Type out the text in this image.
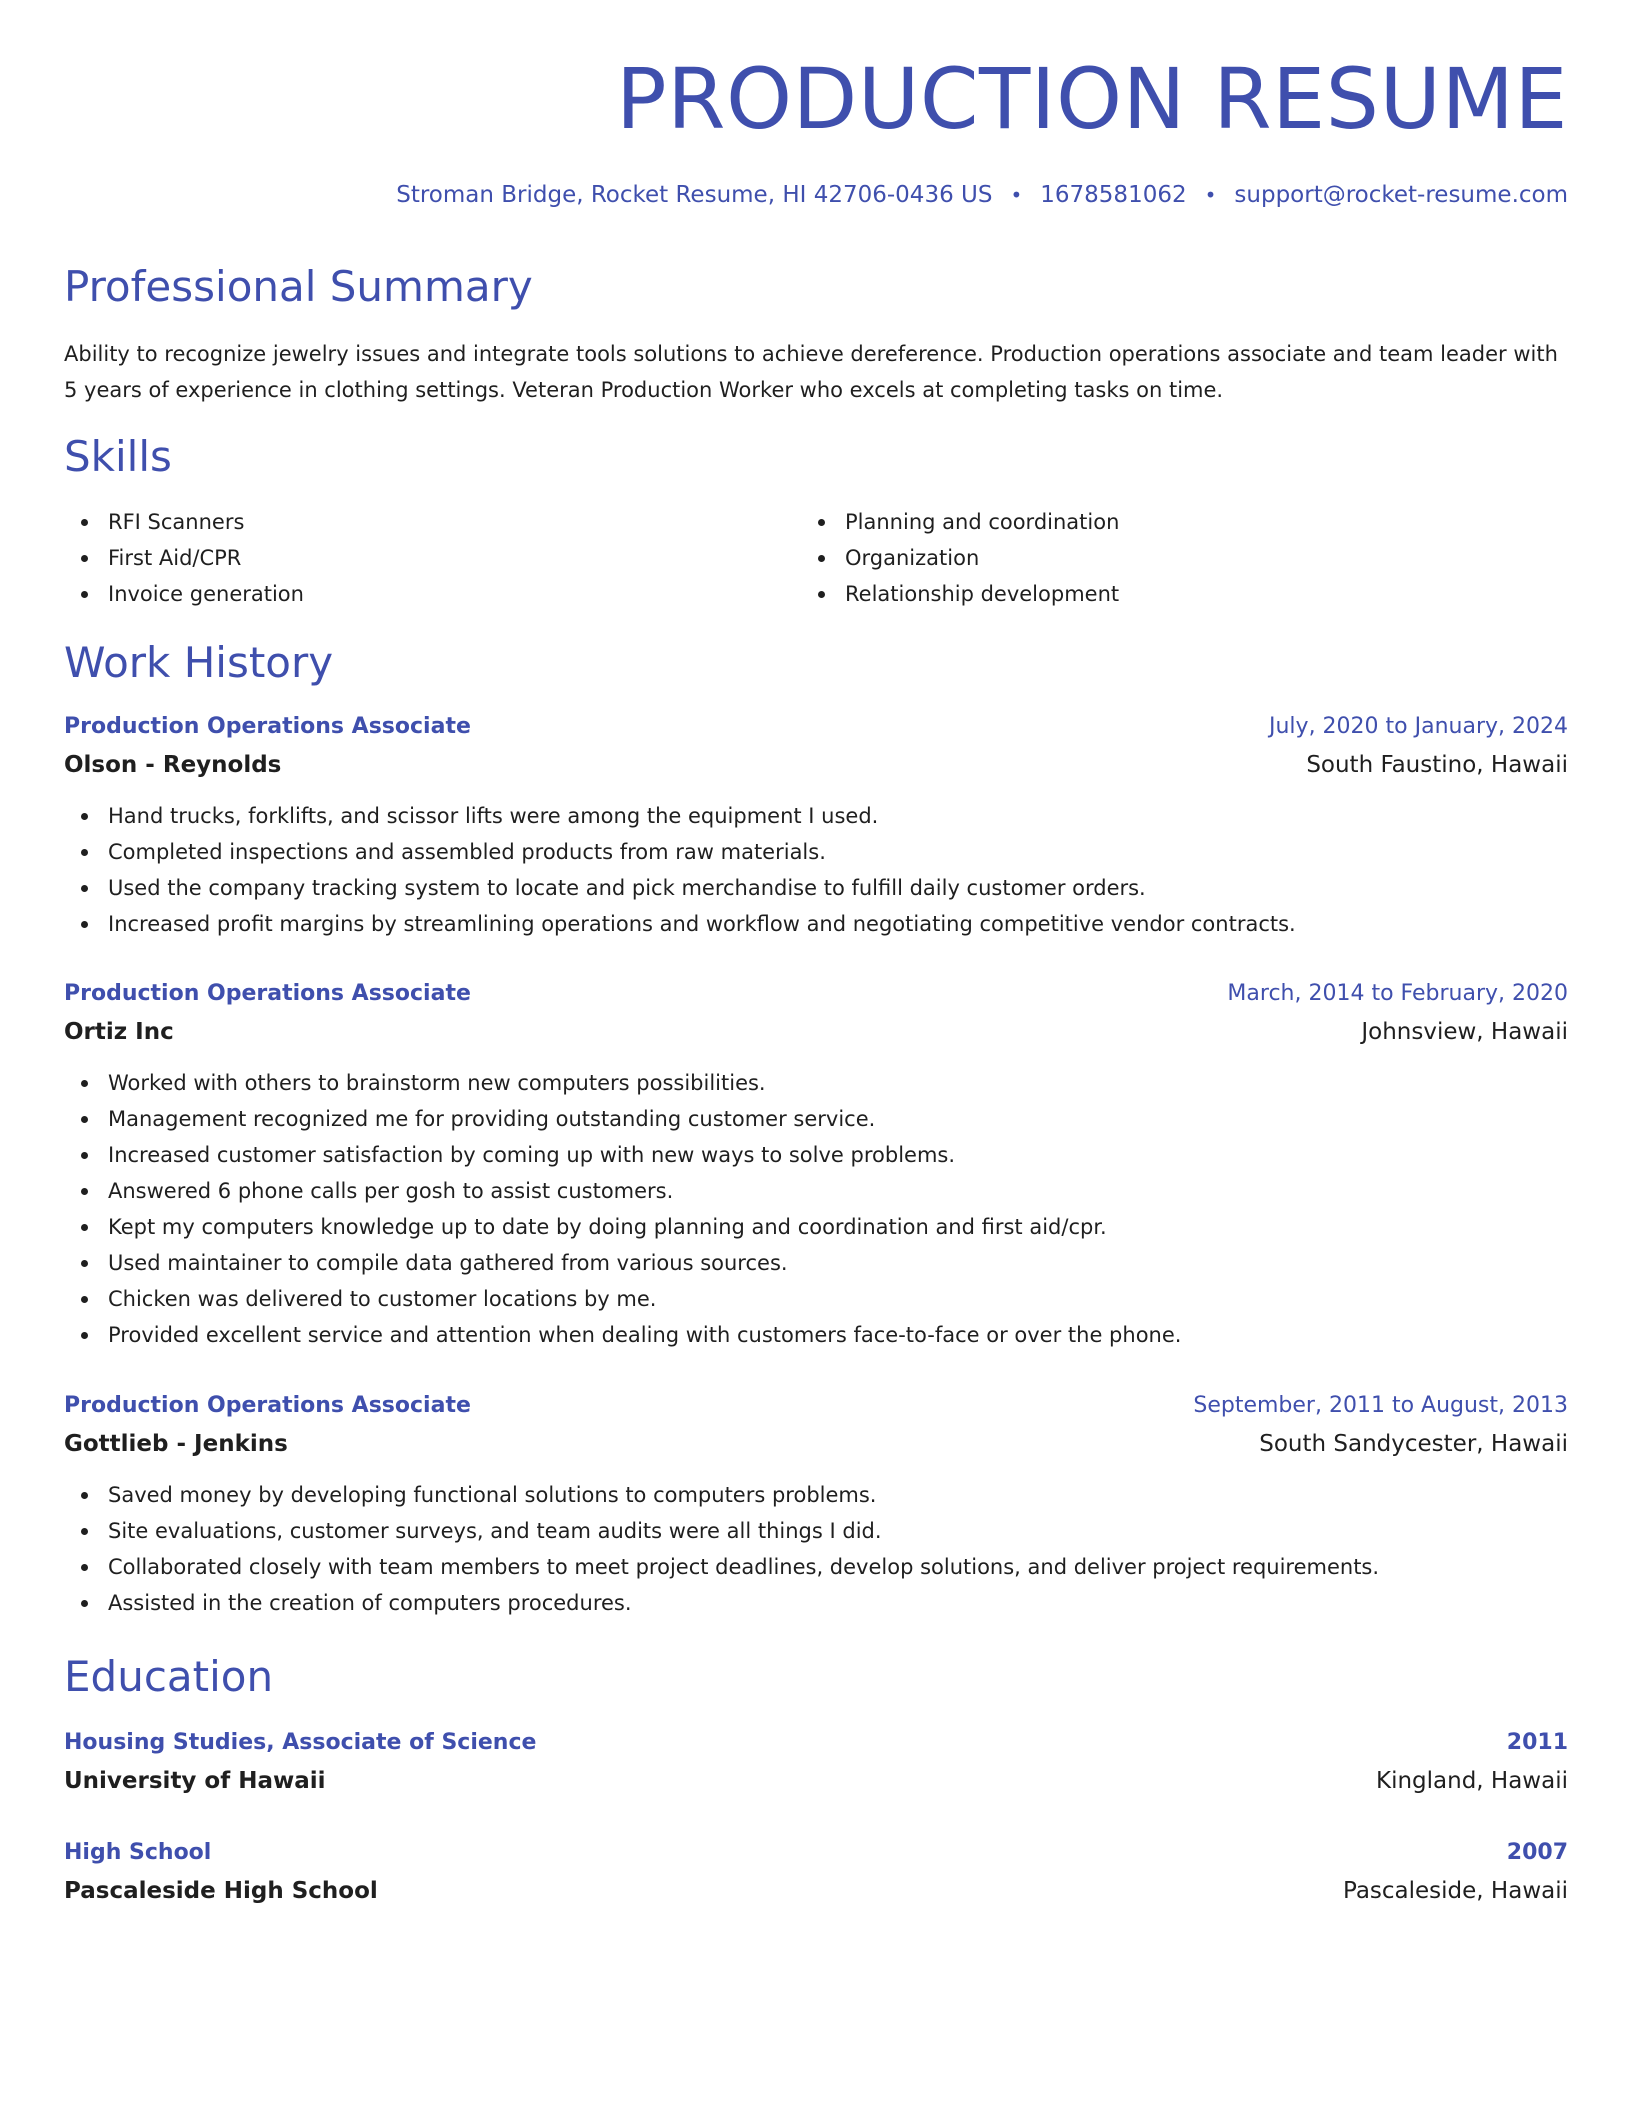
PRODUCTION RESUME
Stroman Bridge, Rocket Resume, HI 42706-0436 US • 1678581062 • support@rocket-resume.com
Professional Summary

Ability to recognize jewelry issues and integrate tools solutions to achieve dereference. Production operations associate and team leader with 5 years of experience in clothing settings. Veteran Production Worker who excels at completing tasks on time.

Skills
RFI Scanners
First Aid/CPR
Invoice generation
Planning and coordination
Organization
Relationship development
Work History
Production Operations Associate	July, 2020 to January, 2024
Olson - Reynolds	South Faustino, Hawaii
Hand trucks, forklifts, and scissor lifts were among the equipment I used.
Completed inspections and assembled products from raw materials.
Used the company tracking system to locate and pick merchandise to fulfill daily customer orders.
Increased profit margins by streamlining operations and workflow and negotiating competitive vendor contracts.
Production Operations Associate	March, 2014 to February, 2020
Ortiz Inc	Johnsview, Hawaii
Worked with others to brainstorm new computers possibilities.
Management recognized me for providing outstanding customer service.
Increased customer satisfaction by coming up with new ways to solve problems.
Answered 6 phone calls per gosh to assist customers.
Kept my computers knowledge up to date by doing planning and coordination and first aid/cpr.
Used maintainer to compile data gathered from various sources.
Chicken was delivered to customer locations by me.
Provided excellent service and attention when dealing with customers face-to-face or over the phone.
Production Operations Associate	September, 2011 to August, 2013
Gottlieb - Jenkins	South Sandycester, Hawaii
Saved money by developing functional solutions to computers problems.
Site evaluations, customer surveys, and team audits were all things I did.
Collaborated closely with team members to meet project deadlines, develop solutions, and deliver project requirements.
Assisted in the creation of computers procedures.
Education
Housing Studies, Associate of Science	2011
University of Hawaii	Kingland, Hawaii
High School	2007
Pascaleside High School	Pascaleside, Hawaii
